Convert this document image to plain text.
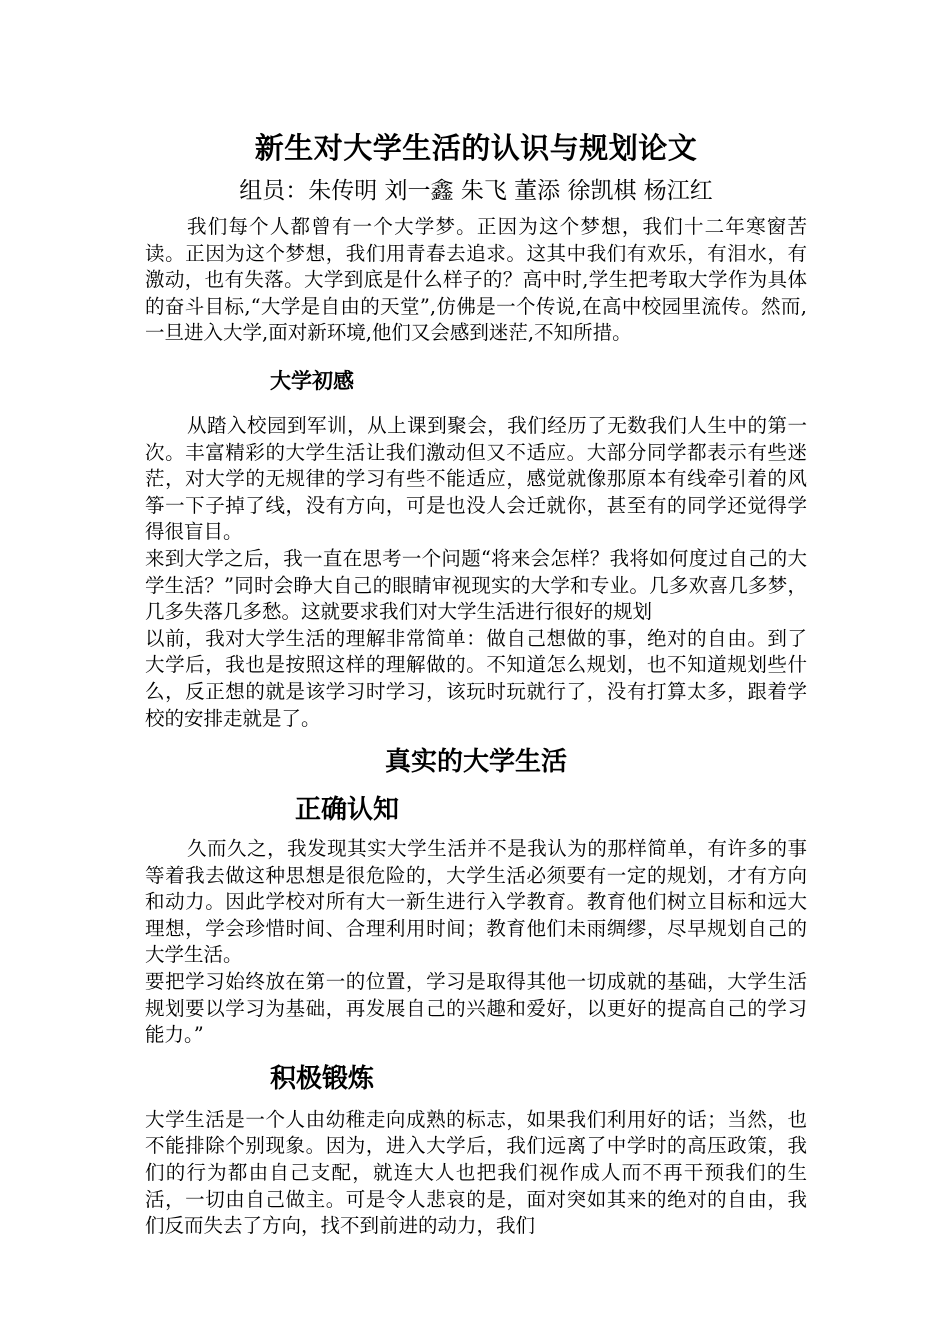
新生对大学生活的认识与规划论文
组员：朱传明 刘一鑫 朱飞 董添 徐凯棋 杨江红

我们每个人都曾有一个大学梦。正因为这个梦想，我们十二年寒窗苦读。正因为这个梦想，我们用青春去追求。这其中我们有欢乐，有泪水，有激动，也有失落。大学到底是什么样子的？高中时,学生把考取大学作为具体的奋斗目标,“大学是自由的天堂”,仿佛是一个传说,在高中校园里流传。然而,一旦进入大学,面对新环境,他们又会感到迷茫,不知所措。

大学初感

从踏入校园到军训，从上课到聚会，我们经历了无数我们人生中的第一次。丰富精彩的大学生活让我们激动但又不适应。大部分同学都表示有些迷茫，对大学的无规律的学习有些不能适应，感觉就像那原本有线牵引着的风筝一下子掉了线，没有方向，可是也没人会迁就你，甚至有的同学还觉得学得很盲目。

来到大学之后，我一直在思考一个问题“将来会怎样？我将如何度过自己的大学生活？”同时会睁大自己的眼睛审视现实的大学和专业。几多欢喜几多梦，几多失落几多愁。这就要求我们对大学生活进行很好的规划

以前，我对大学生活的理解非常简单：做自己想做的事，绝对的自由。到了大学后，我也是按照这样的理解做的。不知道怎么规划，也不知道规划些什么，反正想的就是该学习时学习，该玩时玩就行了，没有打算太多，跟着学校的安排走就是了。

真实的大学生活
正确认知

久而久之，我发现其实大学生活并不是我认为的那样简单，有许多的事等着我去做这种思想是很危险的，大学生活必须要有一定的规划，才有方向和动力。因此学校对所有大一新生进行入学教育。教育他们树立目标和远大理想，学会珍惜时间、合理利用时间；教育他们未雨绸缪，尽早规划自己的大学生活。

要把学习始终放在第一的位置，学习是取得其他一切成就的基础，大学生活规划要以学习为基础，再发展自己的兴趣和爱好，以更好的提高自己的学习能力。”

积极锻炼

大学生活是一个人由幼稚走向成熟的标志，如果我们利用好的话；当然，也不能排除个别现象。因为，进入大学后，我们远离了中学时的高压政策，我们的行为都由自己支配，就连大人也把我们视作成人而不再干预我们的生活，一切由自己做主。可是令人悲哀的是，面对突如其来的绝对的自由，我们反而失去了方向，找不到前进的动力，我们
